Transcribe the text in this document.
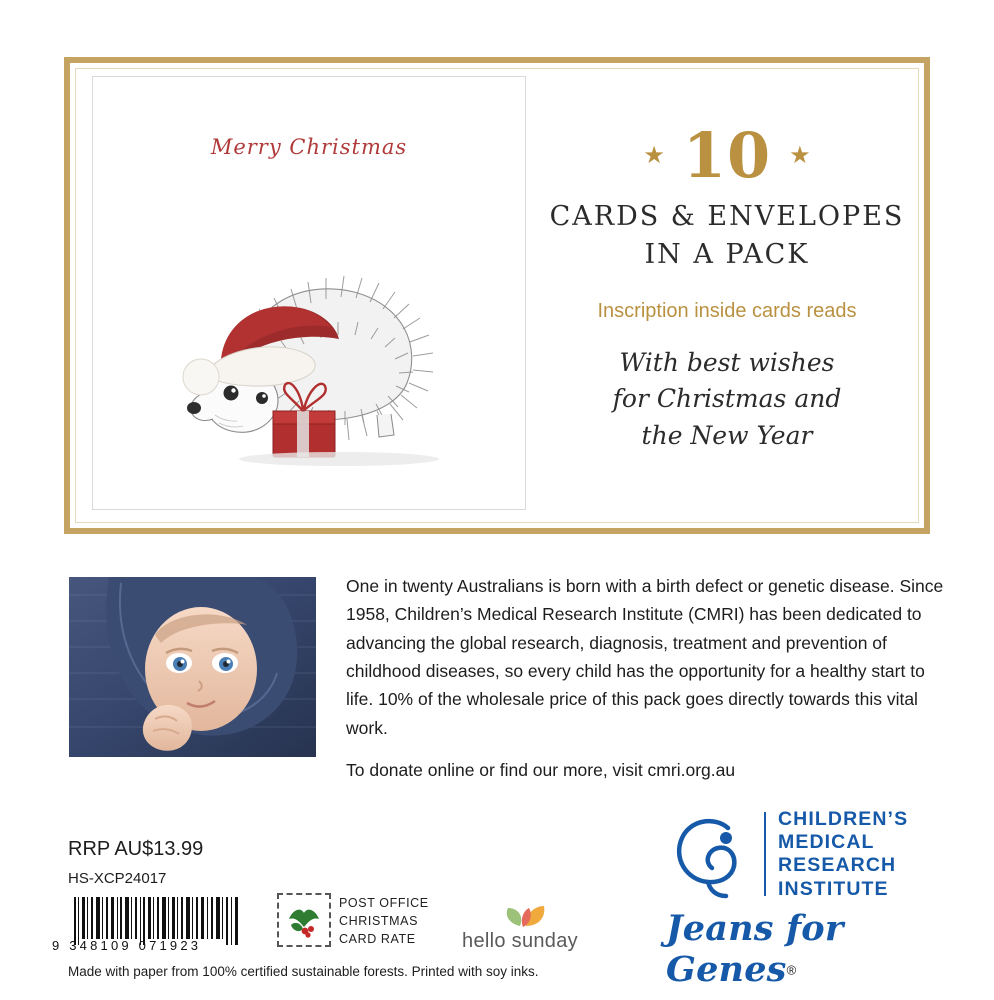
Merry Christmas	★ 10 ★
CARDS & ENVELOPES
IN A PACK
Inscription inside cards reads
With best wishes
for Christmas and
the New Year

One in twenty Australians is born with a birth defect or genetic disease. Since 1958, Children’s Medical Research Institute (CMRI) has been dedicated to advancing the global research, diagnosis, treatment and prevention of childhood diseases, so every child has the opportunity for a healthy start to life. 10% of the wholesale price of this pack goes directly towards this vital work.

To donate online or find our more, visit cmri.org.au

RRP AU$13.99
HS-XCP24017
9 348109 071923
POST OFFICE
CHRISTMAS
CARD RATE	hello sunday
CHILDREN’S
MEDICAL
RESEARCH
INSTITUTE
Jeans for Genes®
Made with paper from 100% certified sustainable forests. Printed with soy inks.
